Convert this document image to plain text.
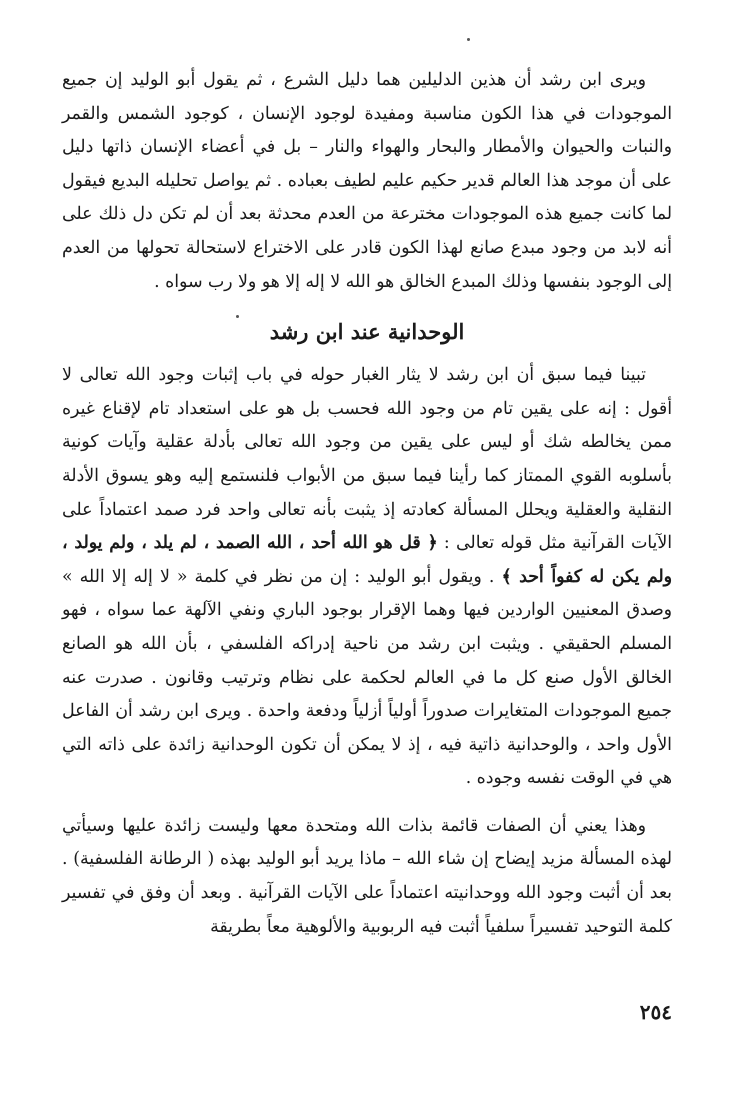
ويرى ابن رشد أن هذين الدليلين هما دليل الشرع ، ثم يقول أبو الوليد إن جميع الموجودات في هذا الكون مناسبة ومفيدة لوجود الإنسان ، كوجود الشمس والقمر والنبات والحيوان والأمطار والبحار والهواء والنار – بل في أعضاء الإنسان ذاتها دليل على أن موجد هذا العالم قدير حكيم عليم لطيف بعباده . ثم يواصل تحليله البديع فيقول لما كانت جميع هذه الموجودات مخترعة من العدم محدثة بعد أن لم تكن دل ذلك على أنه لابد من وجود مبدع صانع لهذا الكون قادر على الاختراع لاستحالة تحولها من العدم إلى الوجود بنفسها وذلك المبدع الخالق هو الله لا إله إلا هو ولا رب سواه .

الوحدانية عند ابن رشد

تبينا فيما سبق أن ابن رشد لا يثار الغبار حوله في باب إثبات وجود الله تعالى لا أقول : إنه على يقين تام من وجود الله فحسب بل هو على استعداد تام لإقناع غيره ممن يخالطه شك أو ليس على يقين من وجود الله تعالى بأدلة عقلية وآيات كونية بأسلوبه القوي الممتاز كما رأينا فيما سبق من الأبواب فلنستمع إليه وهو يسوق الأدلة النقلية والعقلية ويحلل المسألة كعادته إذ يثبت بأنه تعالى واحد فرد صمد اعتماداً على الآيات القرآنية مثل قوله تعالى : ﴿ قل هو الله أحد ، الله الصمد ، لم يلد ، ولم يولد ، ولم يكن له كفواً أحد ﴾ . ويقول أبو الوليد : إن من نظر في كلمة « لا إله إلا الله » وصدق المعنيين الواردين فيها وهما الإقرار بوجود الباري ونفي الآلهة عما سواه ، فهو المسلم الحقيقي . ويثبت ابن رشد من ناحية إدراكه الفلسفي ، بأن الله هو الصانع الخالق الأول صنع كل ما في العالم لحكمة على نظام وترتيب وقانون . صدرت عنه جميع الموجودات المتغايرات صدوراً أولياً أزلياً ودفعة واحدة . ويرى ابن رشد أن الفاعل الأول واحد ، والوحدانية ذاتية فيه ، إذ لا يمكن أن تكون الوحدانية زائدة على ذاته التي هي في الوقت نفسه وجوده .

وهذا يعني أن الصفات قائمة بذات الله ومتحدة معها وليست زائدة عليها وسيأتي لهذه المسألة مزيد إيضاح إن شاء الله – ماذا يريد أبو الوليد بهذه ( الرطانة الفلسفية) . بعد أن أثبت وجود الله ووحدانيته اعتماداً على الآيات القرآنية . وبعد أن وفق في تفسير كلمة التوحيد تفسيراً سلفياً أثبت فيه الربوبية والألوهية معاً بطريقة

٢٥٤
